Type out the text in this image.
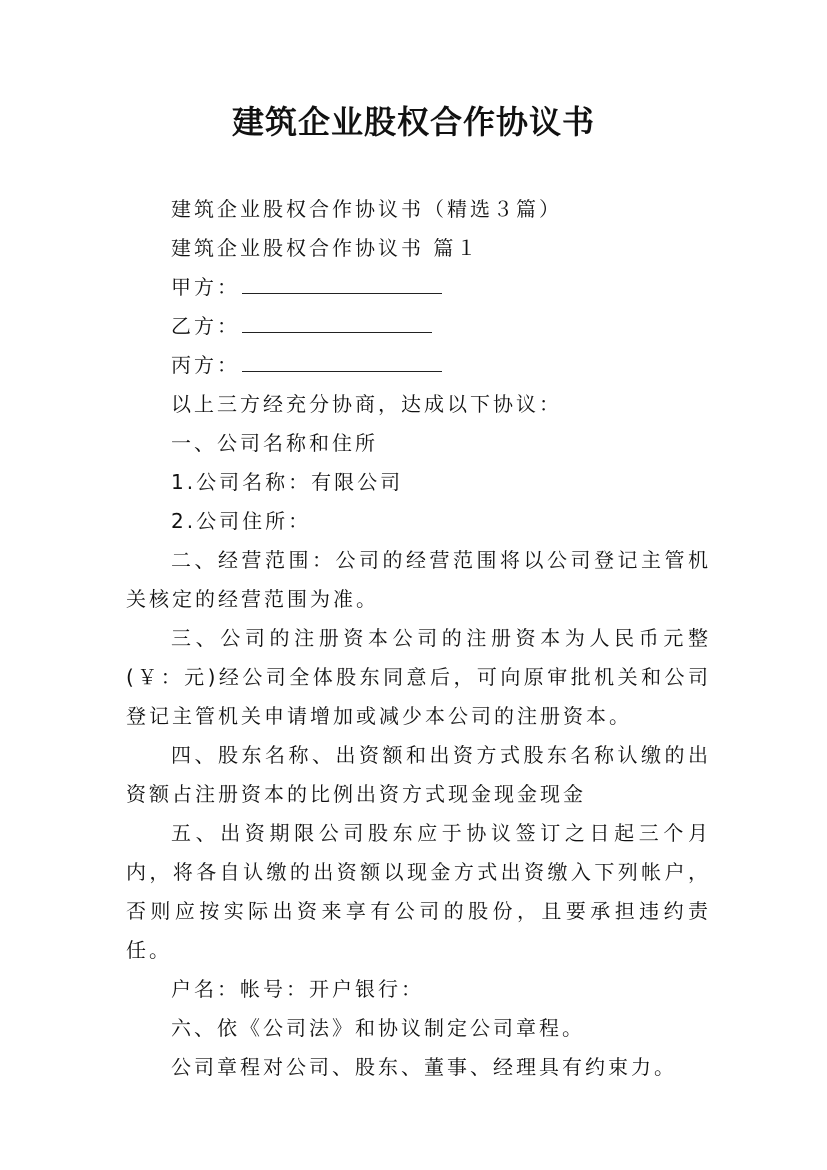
建筑企业股权合作协议书

建筑企业股权合作协议书（精选３篇）

建筑企业股权合作协议书 篇１

甲方：

乙方：

丙方：

以上三方经充分协商，达成以下协议：

一、公司名称和住所

1.公司名称：有限公司

2.公司住所：

二、经营范围：公司的经营范围将以公司登记主管机关核定的经营范围为准。

三、公司的注册资本公司的注册资本为人民币元整(￥：元)经公司全体股东同意后，可向原审批机关和公司登记主管机关申请增加或减少本公司的注册资本。

四、股东名称、出资额和出资方式股东名称认缴的出资额占注册资本的比例出资方式现金现金现金

五、出资期限公司股东应于协议签订之日起三个月内，将各自认缴的出资额以现金方式出资缴入下列帐户，否则应按实际出资来享有公司的股份，且要承担违约责任。

户名：帐号：开户银行：

六、依《公司法》和协议制定公司章程。

公司章程对公司、股东、董事、经理具有约束力。
